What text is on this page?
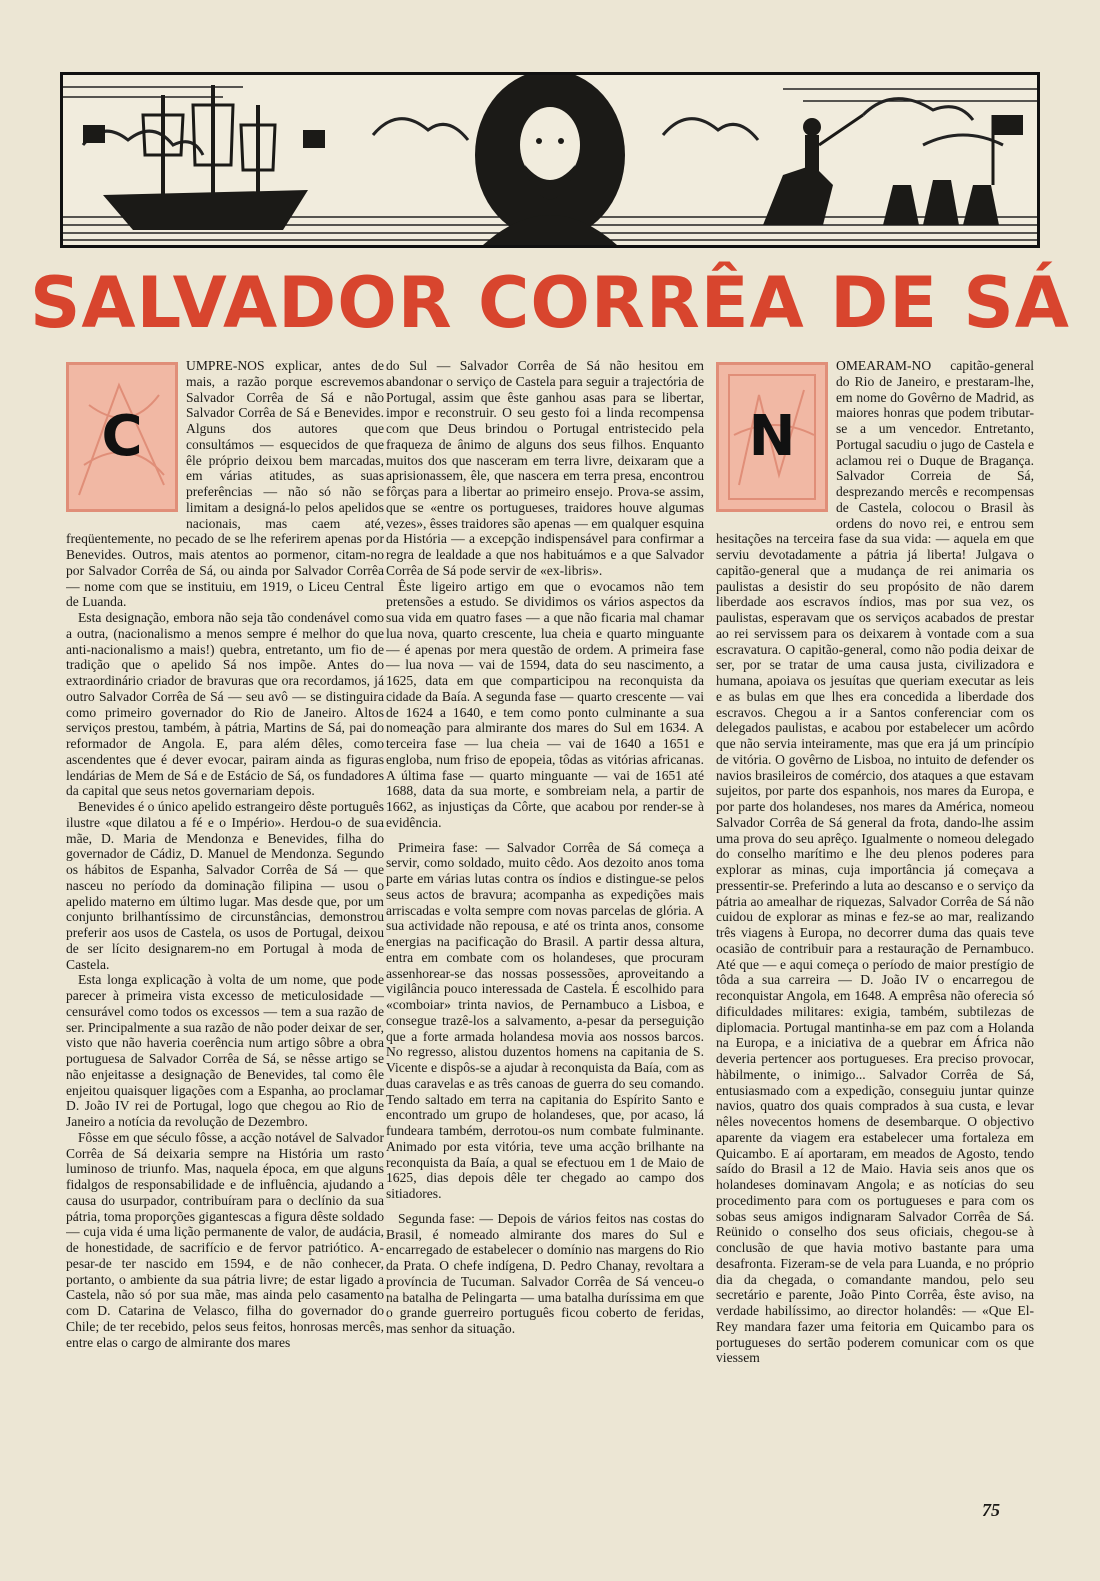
SALVADOR CORRÊA DE SÁ
C

UMPRE-NOS explicar, antes de mais, a razão porque escrevemos Salvador Corrêa de Sá e não Salvador Corrêa de Sá e Benevides. Alguns dos autores que consultámos — esquecidos de que êle próprio deixou bem marcadas, em várias atitudes, as suas preferências — não só não se limitam a designá-lo pelos apelidos nacionais, mas caem até, freqüentemente, no pecado de se lhe referirem apenas por Benevides. Outros, mais atentos ao pormenor, citam-no por Salvador Corrêa de Sá, ou ainda por Salvador Corrêa — nome com que se instituiu, em 1919, o Liceu Central de Luanda.

Esta designação, embora não seja tão condenável como a outra, (nacionalismo a menos sempre é melhor do que anti-nacionalismo a mais!) quebra, entretanto, um fio de tradição que o apelido Sá nos impõe. Antes do extraordinário criador de bravuras que ora recordamos, já outro Salvador Corrêa de Sá — seu avô — se distinguira como primeiro governador do Rio de Janeiro. Altos serviços prestou, também, à pátria, Martins de Sá, pai do reformador de Angola. E, para além dêles, como ascendentes que é dever evocar, pairam ainda as figuras lendárias de Mem de Sá e de Estácio de Sá, os fundadores da capital que seus netos governariam depois.

Benevides é o único apelido estrangeiro dêste português ilustre «que dilatou a fé e o Império». Herdou-o de sua mãe, D. Maria de Mendonza e Benevides, filha do governador de Cádiz, D. Manuel de Mendonza. Segundo os hábitos de Espanha, Salvador Corrêa de Sá — que nasceu no período da dominação filipina — usou o apelido materno em último lugar. Mas desde que, por um conjunto brilhantíssimo de circunstâncias, demonstrou preferir aos usos de Castela, os usos de Portugal, deixou de ser lícito designarem-no em Portugal à moda de Castela.

Esta longa explicação à volta de um nome, que pode parecer à primeira vista excesso de meticulosidade — censurável como todos os excessos — tem a sua razão de ser. Principalmente a sua razão de não poder deixar de ser, visto que não haveria coerência num artigo sôbre a obra portuguesa de Salvador Corrêa de Sá, se nêsse artigo se não enjeitasse a designação de Benevides, tal como êle enjeitou quaisquer ligações com a Espanha, ao proclamar D. João IV rei de Portugal, logo que chegou ao Rio de Janeiro a notícia da revolução de Dezembro.

Fôsse em que século fôsse, a acção notável de Salvador Corrêa de Sá deixaria sempre na História um rasto luminoso de triunfo. Mas, naquela época, em que alguns fidalgos de responsabilidade e de influência, ajudando a causa do usurpador, contribuíram para o declínio da sua pátria, toma proporções gigantescas a figura dêste soldado — cuja vida é uma lição permanente de valor, de audácia, de honestidade, de sacrifício e de fervor patriótico. A-pesar-de ter nascido em 1594, e de não conhecer, portanto, o ambiente da sua pátria livre; de estar ligado a Castela, não só por sua mãe, mas ainda pelo casamento com D. Catarina de Velasco, filha do governador do Chile; de ter recebido, pelos seus feitos, honrosas mercês, entre elas o cargo de almirante dos mares

do Sul — Salvador Corrêa de Sá não hesitou em abandonar o serviço de Castela para seguir a trajectória de Portugal, assim que êste ganhou asas para se libertar, impor e reconstruir. O seu gesto foi a linda recompensa com que Deus brindou o Portugal entristecido pela fraqueza de ânimo de alguns dos seus filhos. Enquanto muitos dos que nasceram em terra livre, deixaram que a aprisionassem, êle, que nascera em terra presa, encontrou fôrças para a libertar ao primeiro ensejo. Prova-se assim, que se «entre os portugueses, traidores houve algumas vezes», êsses traidores são apenas — em qualquer esquina da História — a excepção indispensável para confirmar a regra de lealdade a que nos habituámos e a que Salvador Corrêa de Sá pode servir de «ex-libris».

Êste ligeiro artigo em que o evocamos não tem pretensões a estudo. Se dividimos os vários aspectos da sua vida em quatro fases — a que não ficaria mal chamar lua nova, quarto crescente, lua cheia e quarto minguante — é apenas por mera questão de ordem. A primeira fase — lua nova — vai de 1594, data do seu nascimento, a 1625, data em que comparticipou na reconquista da cidade da Baía. A segunda fase — quarto crescente — vai de 1624 a 1640, e tem como ponto culminante a sua nomeação para almirante dos mares do Sul em 1634. A terceira fase — lua cheia — vai de 1640 a 1651 e engloba, num friso de epopeia, tôdas as vitórias africanas. A última fase — quarto minguante — vai de 1651 até 1688, data da sua morte, e sombreiam nela, a partir de 1662, as injustiças da Côrte, que acabou por render-se à evidência.

Primeira fase: — Salvador Corrêa de Sá começa a servir, como soldado, muito cêdo. Aos dezoito anos toma parte em várias lutas contra os índios e distingue-se pelos seus actos de bravura; acompanha as expedições mais arriscadas e volta sempre com novas parcelas de glória. A sua actividade não repousa, e até os trinta anos, consome energias na pacificação do Brasil. A partir dessa altura, entra em combate com os holandeses, que procuram assenhorear-se das nossas possessões, aproveitando a vigilância pouco interessada de Castela. É escolhido para «comboiar» trinta navios, de Pernambuco a Lisboa, e consegue trazê-los a salvamento, a-pesar da perseguição que a forte armada holandesa movia aos nossos barcos. No regresso, alistou duzentos homens na capitania de S. Vicente e dispôs-se a ajudar à reconquista da Baía, com as duas caravelas e as três canoas de guerra do seu comando. Tendo saltado em terra na capitania do Espírito Santo e encontrado um grupo de holandeses, que, por acaso, lá fundeara também, derrotou-os num combate fulminante. Animado por esta vitória, teve uma acção brilhante na reconquista da Baía, a qual se efectuou em 1 de Maio de 1625, dias depois dêle ter chegado ao campo dos sitiadores.

Segunda fase: — Depois de vários feitos nas costas do Brasil, é nomeado almirante dos mares do Sul e encarregado de estabelecer o domínio nas margens do Rio da Prata. O chefe indígena, D. Pedro Chanay, revoltara a província de Tucuman. Salvador Corrêa de Sá venceu-o na batalha de Pelingarta — uma batalha duríssima em que o grande guerreiro português ficou coberto de feridas, mas senhor da situação.

N

OMEARAM-NO capitão-general do Rio de Janeiro, e prestaram-lhe, em nome do Govêrno de Madrid, as maiores honras que podem tributar-se a um vencedor. Entretanto, Portugal sacudiu o jugo de Castela e aclamou rei o Duque de Bragança. Salvador Correia de Sá, desprezando mercês e recompensas de Castela, colocou o Brasil às ordens do novo rei, e entrou sem hesitações na terceira fase da sua vida: — aquela em que serviu devotadamente a pátria já liberta! Julgava o capitão-general que a mudança de rei animaria os paulistas a desistir do seu propósito de não darem liberdade aos escravos índios, mas por sua vez, os paulistas, esperavam que os serviços acabados de prestar ao rei servissem para os deixarem à vontade com a sua escravatura. O capitão-general, como não podia deixar de ser, por se tratar de uma causa justa, civilizadora e humana, apoiava os jesuítas que queriam executar as leis e as bulas em que lhes era concedida a liberdade dos escravos. Chegou a ir a Santos conferenciar com os delegados paulistas, e acabou por estabelecer um acôrdo que não servia inteiramente, mas que era já um princípio de vitória. O govêrno de Lisboa, no intuito de defender os navios brasileiros de comércio, dos ataques a que estavam sujeitos, por parte dos espanhois, nos mares da Europa, e por parte dos holandeses, nos mares da América, nomeou Salvador Corrêa de Sá general da frota, dando-lhe assim uma prova do seu aprêço. Igualmente o nomeou delegado do conselho marítimo e lhe deu plenos poderes para explorar as minas, cuja importância já começava a pressentir-se. Preferindo a luta ao descanso e o serviço da pátria ao amealhar de riquezas, Salvador Corrêa de Sá não cuidou de explorar as minas e fez-se ao mar, realizando três viagens à Europa, no decorrer duma das quais teve ocasião de contribuir para a restauração de Pernambuco. Até que — e aqui começa o período de maior prestígio de tôda a sua carreira — D. João IV o encarregou de reconquistar Angola, em 1648. A emprêsa não oferecia só dificuldades militares: exigia, também, subtilezas de diplomacia. Portugal mantinha-se em paz com a Holanda na Europa, e a iniciativa de a quebrar em África não deveria pertencer aos portugueses. Era preciso provocar, hàbilmente, o inimigo... Salvador Corrêa de Sá, entusiasmado com a expedição, conseguiu juntar quinze navios, quatro dos quais comprados à sua custa, e levar nêles novecentos homens de desembarque. O objectivo aparente da viagem era estabelecer uma fortaleza em Quicambo. E aí aportaram, em meados de Agosto, tendo saído do Brasil a 12 de Maio. Havia seis anos que os holandeses dominavam Angola; e as notícias do seu procedimento para com os portugueses e para com os sobas seus amigos indignaram Salvador Corrêa de Sá. Reünido o conselho dos seus oficiais, chegou-se à conclusão de que havia motivo bastante para uma desafronta. Fizeram-se de vela para Luanda, e no próprio dia da chegada, o comandante mandou, pelo seu secretário e parente, João Pinto Corrêa, êste aviso, na verdade habilíssimo, ao director holandês: — «Que El-Rey mandara fazer uma feitoria em Quicambo para os portugueses do sertão poderem comunicar com os que viessem

75
